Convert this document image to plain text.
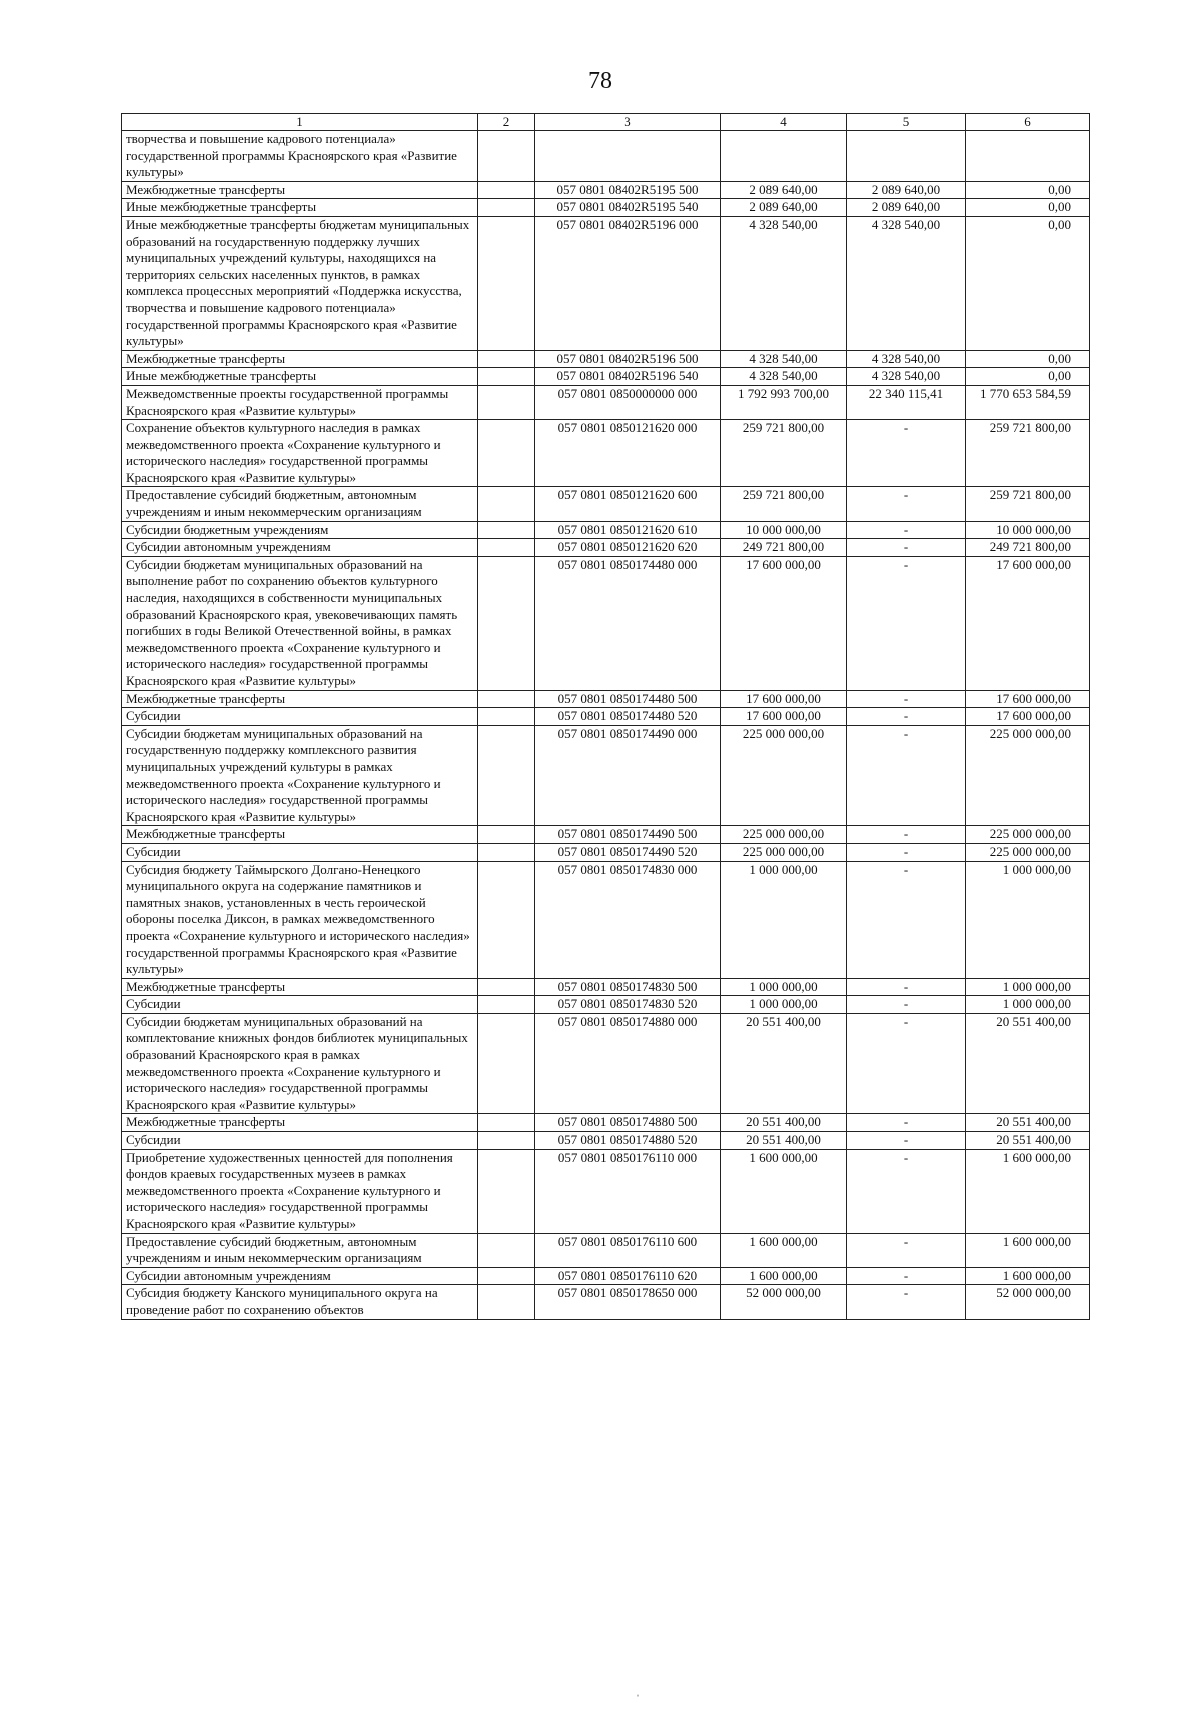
78
1	2	3	4	5	6
творчества и повышение кадрового потенциала» государственной программы Красноярского края «Развитие культуры»					
Межбюджетные трансферты		057 0801 08402R5195 500	2 089 640,00	2 089 640,00	0,00
Иные межбюджетные трансферты		057 0801 08402R5195 540	2 089 640,00	2 089 640,00	0,00
Иные межбюджетные трансферты бюджетам муниципальных образований на государственную поддержку лучших муниципальных учреждений культуры, находящихся на территориях сельских населенных пунктов, в рамках комплекса процессных мероприятий «Поддержка искусства, творчества и повышение кадрового потенциала» государственной программы Красноярского края «Развитие культуры»		057 0801 08402R5196 000	4 328 540,00	4 328 540,00	0,00
Межбюджетные трансферты		057 0801 08402R5196 500	4 328 540,00	4 328 540,00	0,00
Иные межбюджетные трансферты		057 0801 08402R5196 540	4 328 540,00	4 328 540,00	0,00
Межведомственные проекты государственной программы Красноярского края «Развитие культуры»		057 0801 0850000000 000	1 792 993 700,00	22 340 115,41	1 770 653 584,59
Сохранение объектов культурного наследия в рамках межведомственного проекта «Сохранение культурного и исторического наследия» государственной программы Красноярского края «Развитие культуры»		057 0801 0850121620 000	259 721 800,00	-	259 721 800,00
Предоставление субсидий бюджетным, автономным учреждениям и иным некоммерческим организациям		057 0801 0850121620 600	259 721 800,00	-	259 721 800,00
Субсидии бюджетным учреждениям		057 0801 0850121620 610	10 000 000,00	-	10 000 000,00
Субсидии автономным учреждениям		057 0801 0850121620 620	249 721 800,00	-	249 721 800,00
Субсидии бюджетам муниципальных образований на выполнение работ по сохранению объектов культурного наследия, находящихся в собственности муниципальных образований Красноярского края, увековечивающих память погибших в годы Великой Отечественной войны, в рамках межведомственного проекта «Сохранение культурного и исторического наследия» государственной программы Красноярского края «Развитие культуры»		057 0801 0850174480 000	17 600 000,00	-	17 600 000,00
Межбюджетные трансферты		057 0801 0850174480 500	17 600 000,00	-	17 600 000,00
Субсидии		057 0801 0850174480 520	17 600 000,00	-	17 600 000,00
Субсидии бюджетам муниципальных образований на государственную поддержку комплексного развития муниципальных учреждений культуры в рамках межведомственного проекта «Сохранение культурного и исторического наследия» государственной программы Красноярского края «Развитие культуры»		057 0801 0850174490 000	225 000 000,00	-	225 000 000,00
Межбюджетные трансферты		057 0801 0850174490 500	225 000 000,00	-	225 000 000,00
Субсидии		057 0801 0850174490 520	225 000 000,00	-	225 000 000,00
Субсидия бюджету Таймырского Долгано-Ненецкого муниципального округа на содержание памятников и памятных знаков, установленных в честь героической обороны поселка Диксон, в рамках межведомственного проекта «Сохранение культурного и исторического наследия» государственной программы Красноярского края «Развитие культуры»		057 0801 0850174830 000	1 000 000,00	-	1 000 000,00
Межбюджетные трансферты		057 0801 0850174830 500	1 000 000,00	-	1 000 000,00
Субсидии		057 0801 0850174830 520	1 000 000,00	-	1 000 000,00
Субсидии бюджетам муниципальных образований на комплектование книжных фондов библиотек муниципальных образований Красноярского края в рамках межведомственного проекта «Сохранение культурного и исторического наследия» государственной программы Красноярского края «Развитие культуры»		057 0801 0850174880 000	20 551 400,00	-	20 551 400,00
Межбюджетные трансферты		057 0801 0850174880 500	20 551 400,00	-	20 551 400,00
Субсидии		057 0801 0850174880 520	20 551 400,00	-	20 551 400,00
Приобретение художественных ценностей для пополнения фондов краевых государственных музеев в рамках межведомственного проекта «Сохранение культурного и исторического наследия» государственной программы Красноярского края «Развитие культуры»		057 0801 0850176110 000	1 600 000,00	-	1 600 000,00
Предоставление субсидий бюджетным, автономным учреждениям и иным некоммерческим организациям		057 0801 0850176110 600	1 600 000,00	-	1 600 000,00
Субсидии автономным учреждениям		057 0801 0850176110 620	1 600 000,00	-	1 600 000,00
Субсидия бюджету Канского муниципального округа на проведение работ по сохранению объектов		057 0801 0850178650 000	52 000 000,00	-	52 000 000,00
ˌ
